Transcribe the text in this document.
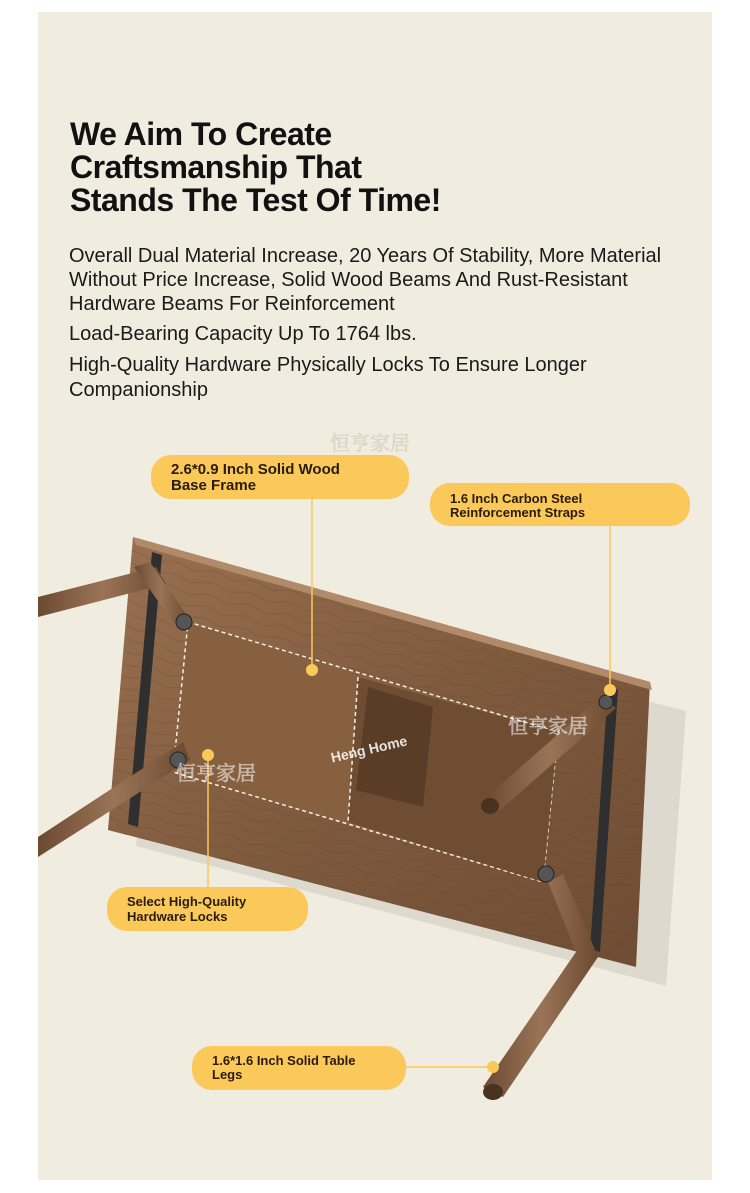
We Aim To Create
Craftsmanship That
Stands The Test Of Time!

Overall Dual Material Increase, 20 Years Of Stability, More Material Without Price Increase, Solid Wood Beams And Rust-Resistant Hardware Beams For Reinforcement

Load-Bearing Capacity Up To 1764 lbs.

High-Quality Hardware Physically Locks To Ensure Longer Companionship

恒亨家居
恒亨家居
恒亨家居
Heng Home
2.6*0.9 Inch Solid Wood
Base Frame
1.6 Inch Carbon Steel
Reinforcement Straps
Select High-Quality
Hardware Locks
1.6*1.6 Inch Solid Table
Legs
